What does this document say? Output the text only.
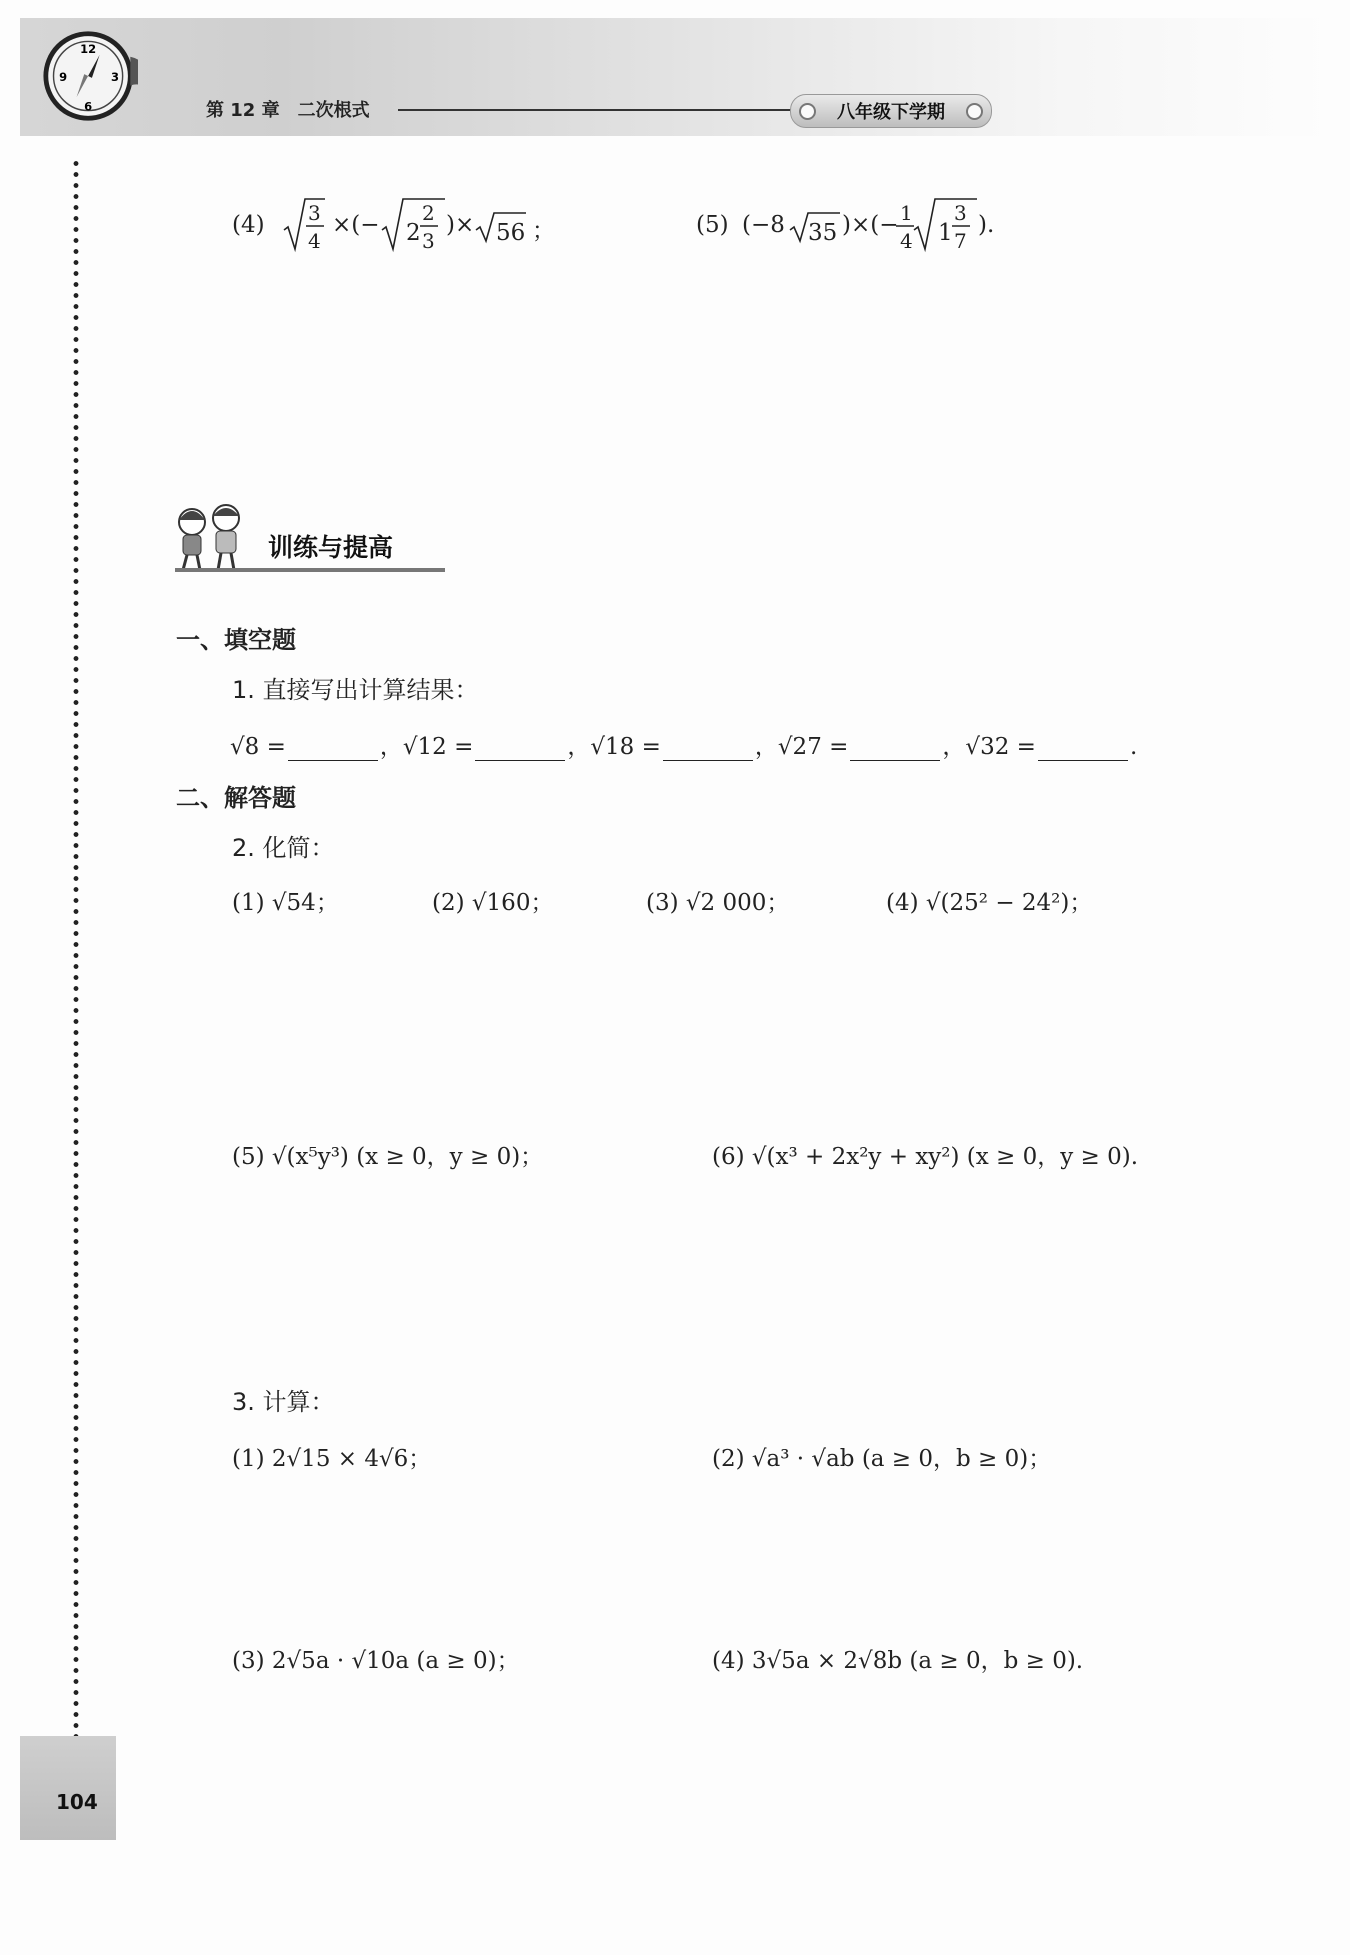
12
3
6
9
第 12 章 二次根式	八年级下学期
(4) 3
4
×(− 2
2
3
)× 56 ；	(5) (−8 35 )×(− 1
4 1
3
7
).
训练与提高
一、填空题
1. 直接写出计算结果：
√8 =	，√12 =	，√18 =	，√27 =	，√32 =	.
二、解答题
2. 化简：
(1) √54；	(2) √160；	(3) √2 000；	(4) √(25² − 24²)；
(5) √(x⁵y³) (x ≥ 0，y ≥ 0)；	(6) √(x³ + 2x²y + xy²) (x ≥ 0，y ≥ 0).
3. 计算：
(1) 2√15 × 4√6；	(2) √a³ · √ab (a ≥ 0，b ≥ 0)；
(3) 2√5a · √10a (a ≥ 0)；	(4) 3√5a × 2√8b (a ≥ 0，b ≥ 0).
104
